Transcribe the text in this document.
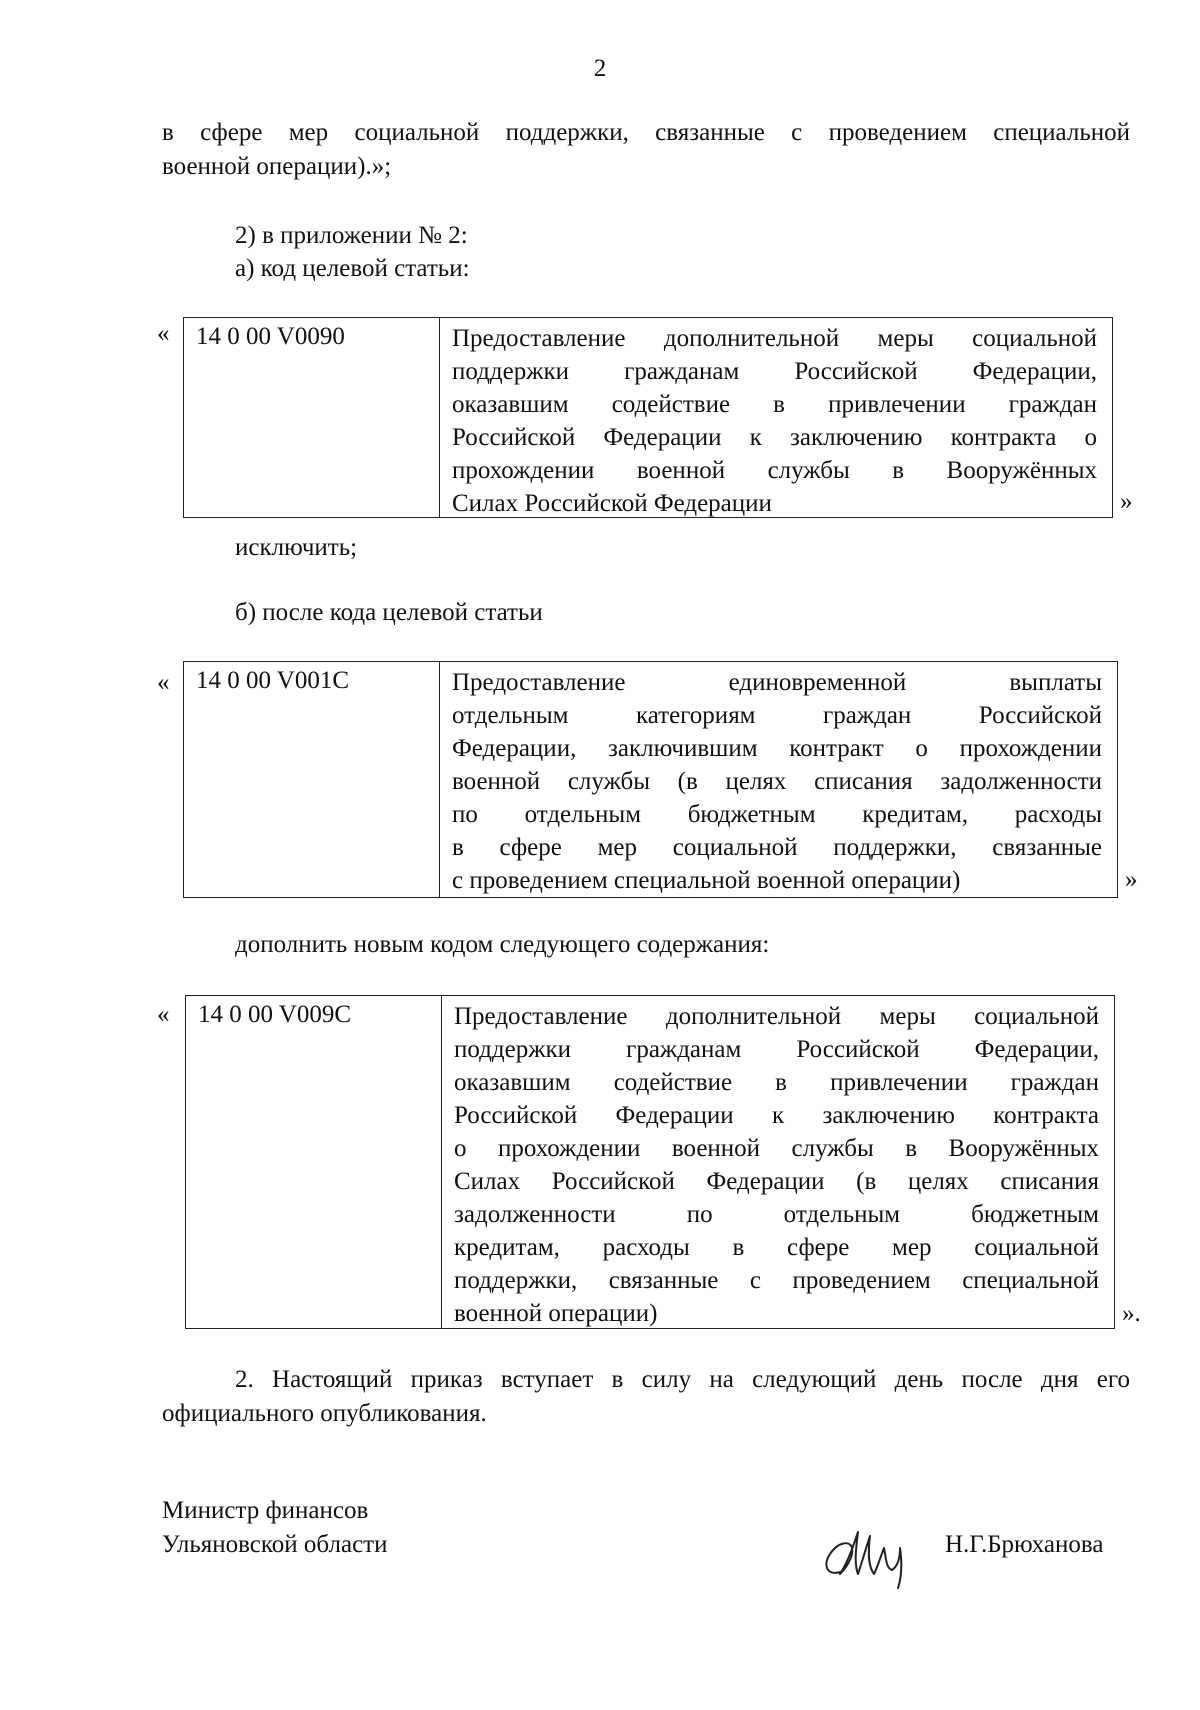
2
в сфере мер социальной поддержки, связанные с проведением специальной
военной операции).»;
2) в приложении № 2:
а) код целевой статьи:
« 14 0 00 V0090	Предоставление дополнительной меры социальной
поддержки гражданам Российской Федерации,
оказавшим содействие в привлечении граждан
Российской Федерации к заключению контракта о
прохождении военной службы в Вооружённых
Силах Российской Федерации	»
исключить;
б) после кода целевой статьи
« 14 0 00 V001C	Предоставление единовременной выплаты
отдельным категориям граждан Российской
Федерации, заключившим контракт о прохождении
военной службы (в целях списания задолженности
по отдельным бюджетным кредитам, расходы
в сфере мер социальной поддержки, связанные
с проведением специальной военной операции)	»
дополнить новым кодом следующего содержания:
« 14 0 00 V009C	Предоставление дополнительной меры социальной
поддержки гражданам Российской Федерации,
оказавшим содействие в привлечении граждан
Российской Федерации к заключению контракта
о прохождении военной службы в Вооружённых
Силах Российской Федерации (в целях списания
задолженности по отдельным бюджетным
кредитам, расходы в сфере мер социальной
поддержки, связанные с проведением специальной
военной операции)	».
2. Настоящий приказ вступает в силу на следующий день после дня его
официального опубликования.
Министр финансов
Ульяновской области	Н.Г.Брюханова
